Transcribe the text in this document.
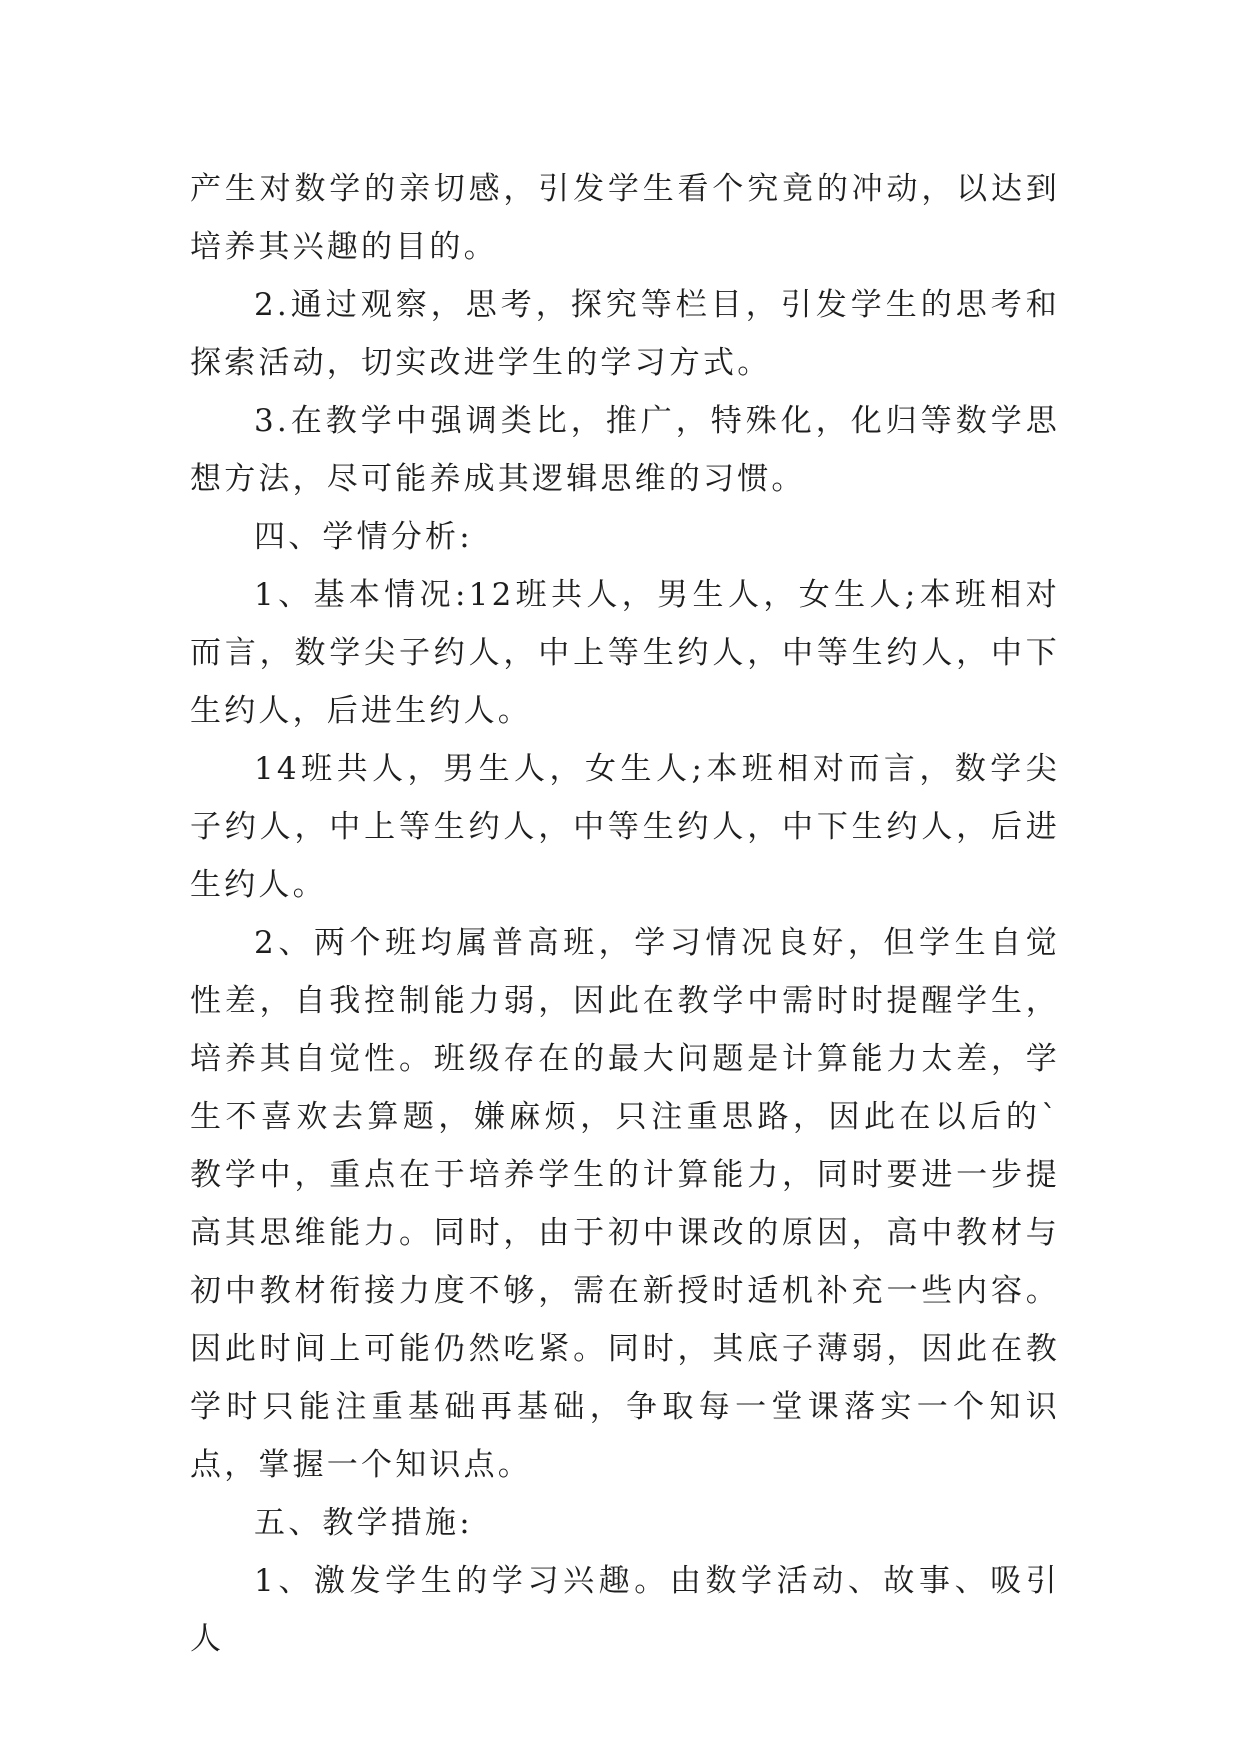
产生对数学的亲切感，引发学生看个究竟的冲动，以达到培养其兴趣的目的。

2.通过观察，思考，探究等栏目，引发学生的思考和探索活动，切实改进学生的学习方式。

3.在教学中强调类比，推广，特殊化，化归等数学思想方法，尽可能养成其逻辑思维的习惯。

四、学情分析:

1、基本情况:12班共人，男生人，女生人;本班相对而言，数学尖子约人，中上等生约人，中等生约人，中下生约人，后进生约人。

14班共人，男生人，女生人;本班相对而言，数学尖子约人，中上等生约人，中等生约人，中下生约人，后进生约人。

2、两个班均属普高班，学习情况良好，但学生自觉性差，自我控制能力弱，因此在教学中需时时提醒学生，培养其自觉性。班级存在的最大问题是计算能力太差，学生不喜欢去算题，嫌麻烦，只注重思路，因此在以后的`教学中，重点在于培养学生的计算能力，同时要进一步提高其思维能力。同时，由于初中课改的原因，高中教材与初中教材衔接力度不够，需在新授时适机补充一些内容。因此时间上可能仍然吃紧。同时，其底子薄弱，因此在教学时只能注重基础再基础，争取每一堂课落实一个知识点，掌握一个知识点。

五、教学措施:

1、激发学生的学习兴趣。由数学活动、故事、吸引人
